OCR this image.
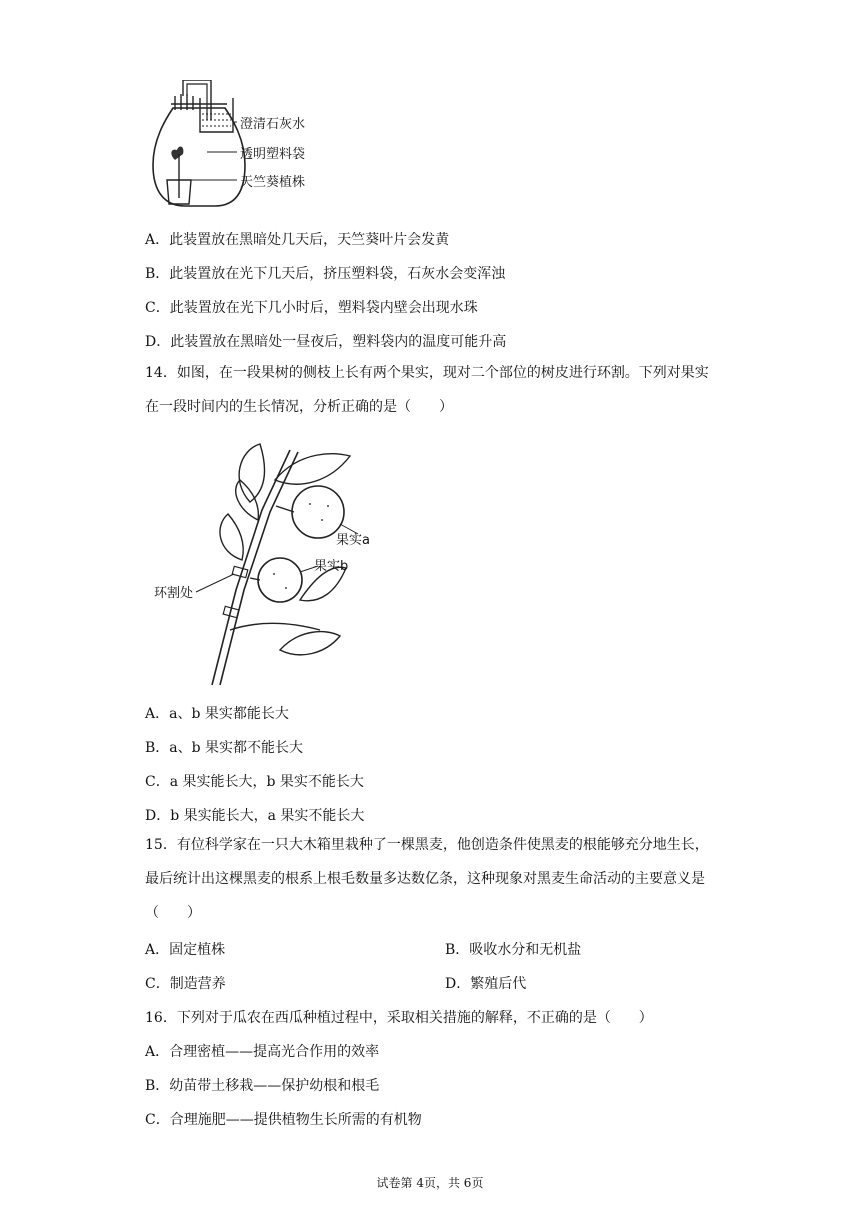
澄清石灰水
透明塑料袋
天竺葵植株
A．此装置放在黑暗处几天后，天竺葵叶片会发黄
B．此装置放在光下几天后，挤压塑料袋，石灰水会变浑浊
C．此装置放在光下几小时后，塑料袋内壁会出现水珠
D．此装置放在黑暗处一昼夜后，塑料袋内的温度可能升高
14．如图，在一段果树的侧枝上长有两个果实，现对二个部位的树皮进行环割。下列对果实在一段时间内的生长情况，分析正确的是（　　）
果实a
果实b
环割处
A．a、b 果实都能长大
B．a、b 果实都不能长大
C．a 果实能长大，b 果实不能长大
D．b 果实能长大，a 果实不能长大
15．有位科学家在一只大木箱里栽种了一棵黑麦，他创造条件使黑麦的根能够充分地生长，最后统计出这棵黑麦的根系上根毛数量多达数亿条，这种现象对黑麦生命活动的主要意义是（　　）
A．固定植株	B．吸收水分和无机盐
C．制造营养	D．繁殖后代
16．下列对于瓜农在西瓜种植过程中，采取相关措施的解释，不正确的是（　　）
A．合理密植——提高光合作用的效率
B．幼苗带土移栽——保护幼根和根毛
C．合理施肥——提供植物生长所需的有机物
试卷第 4页，共 6页
